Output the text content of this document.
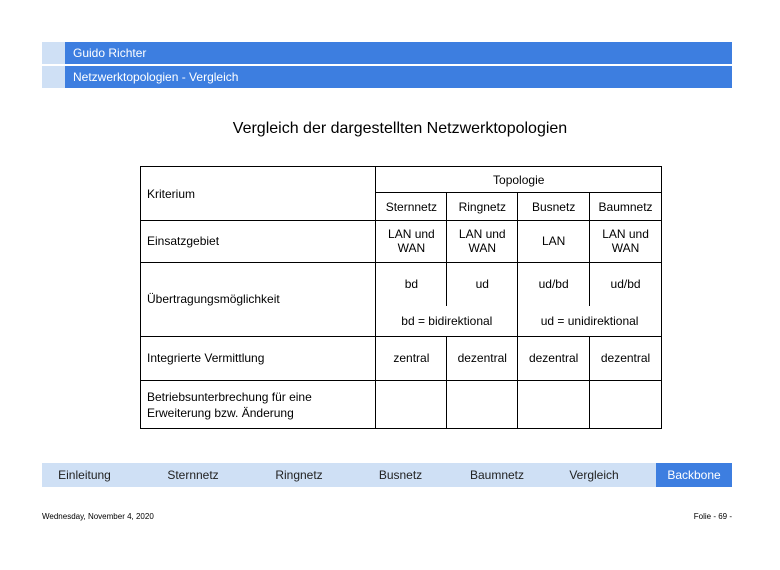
Guido Richter
Netzwerktopologien - Vergleich
Vergleich der dargestellten Netzwerktopologien
Kriterium	Topologie			
	Sternnetz	Ringnetz	Busnetz	Baumnetz
Einsatzgebiet	LAN und WAN	LAN und WAN	LAN	LAN und WAN
Übertragungsmöglichkeit	bd	ud	ud/bd	ud/bd
	bd = bidirektional		ud = unidirektional	
Integrierte Vermittlung	zentral	dezentral	dezentral	dezentral
Betriebsunterbrechung für eine Erweiterung bzw. Änderung				
Einleitung	Sternnetz	Ringnetz	Busnetz	Baumnetz	Vergleich	Backbone
Wednesday, November 4, 2020	Folie - 69 -
